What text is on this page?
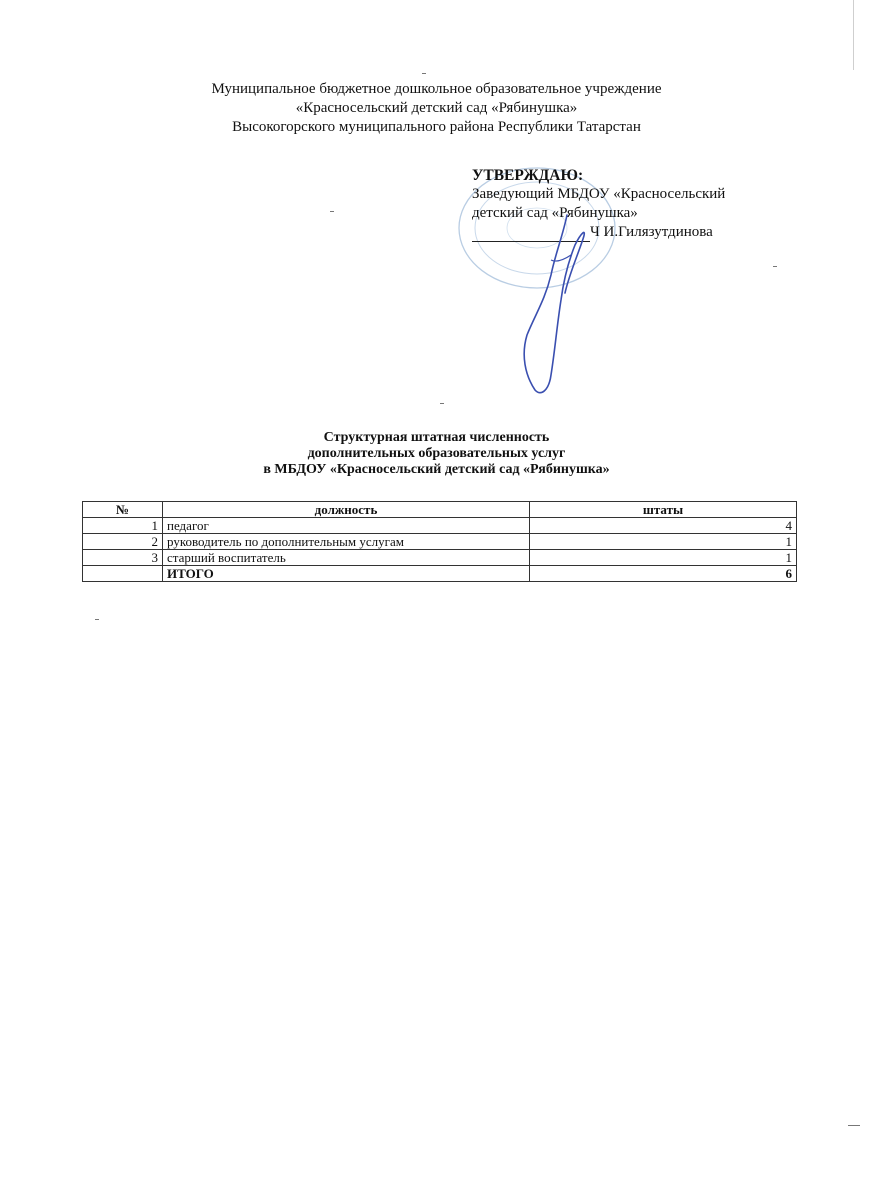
Муниципальное бюджетное дошкольное образовательное учреждение
«Красносельский детский сад «Рябинушка»
Высокогорского муниципального района Республики Татарстан
УТВЕРЖДАЮ:
Заведующий МБДОУ «Красносельский
детский сад «Рябинушка»
Ч И.Гилязутдинова
Структурная штатная численность
дополнительных образовательных услуг
в МБДОУ «Красносельский детский сад «Рябинушка»
№	должность	штаты
1	педагог	4
2	руководитель по дополнительным услугам	1
3	старший воспитатель	1
	ИТОГО	6
